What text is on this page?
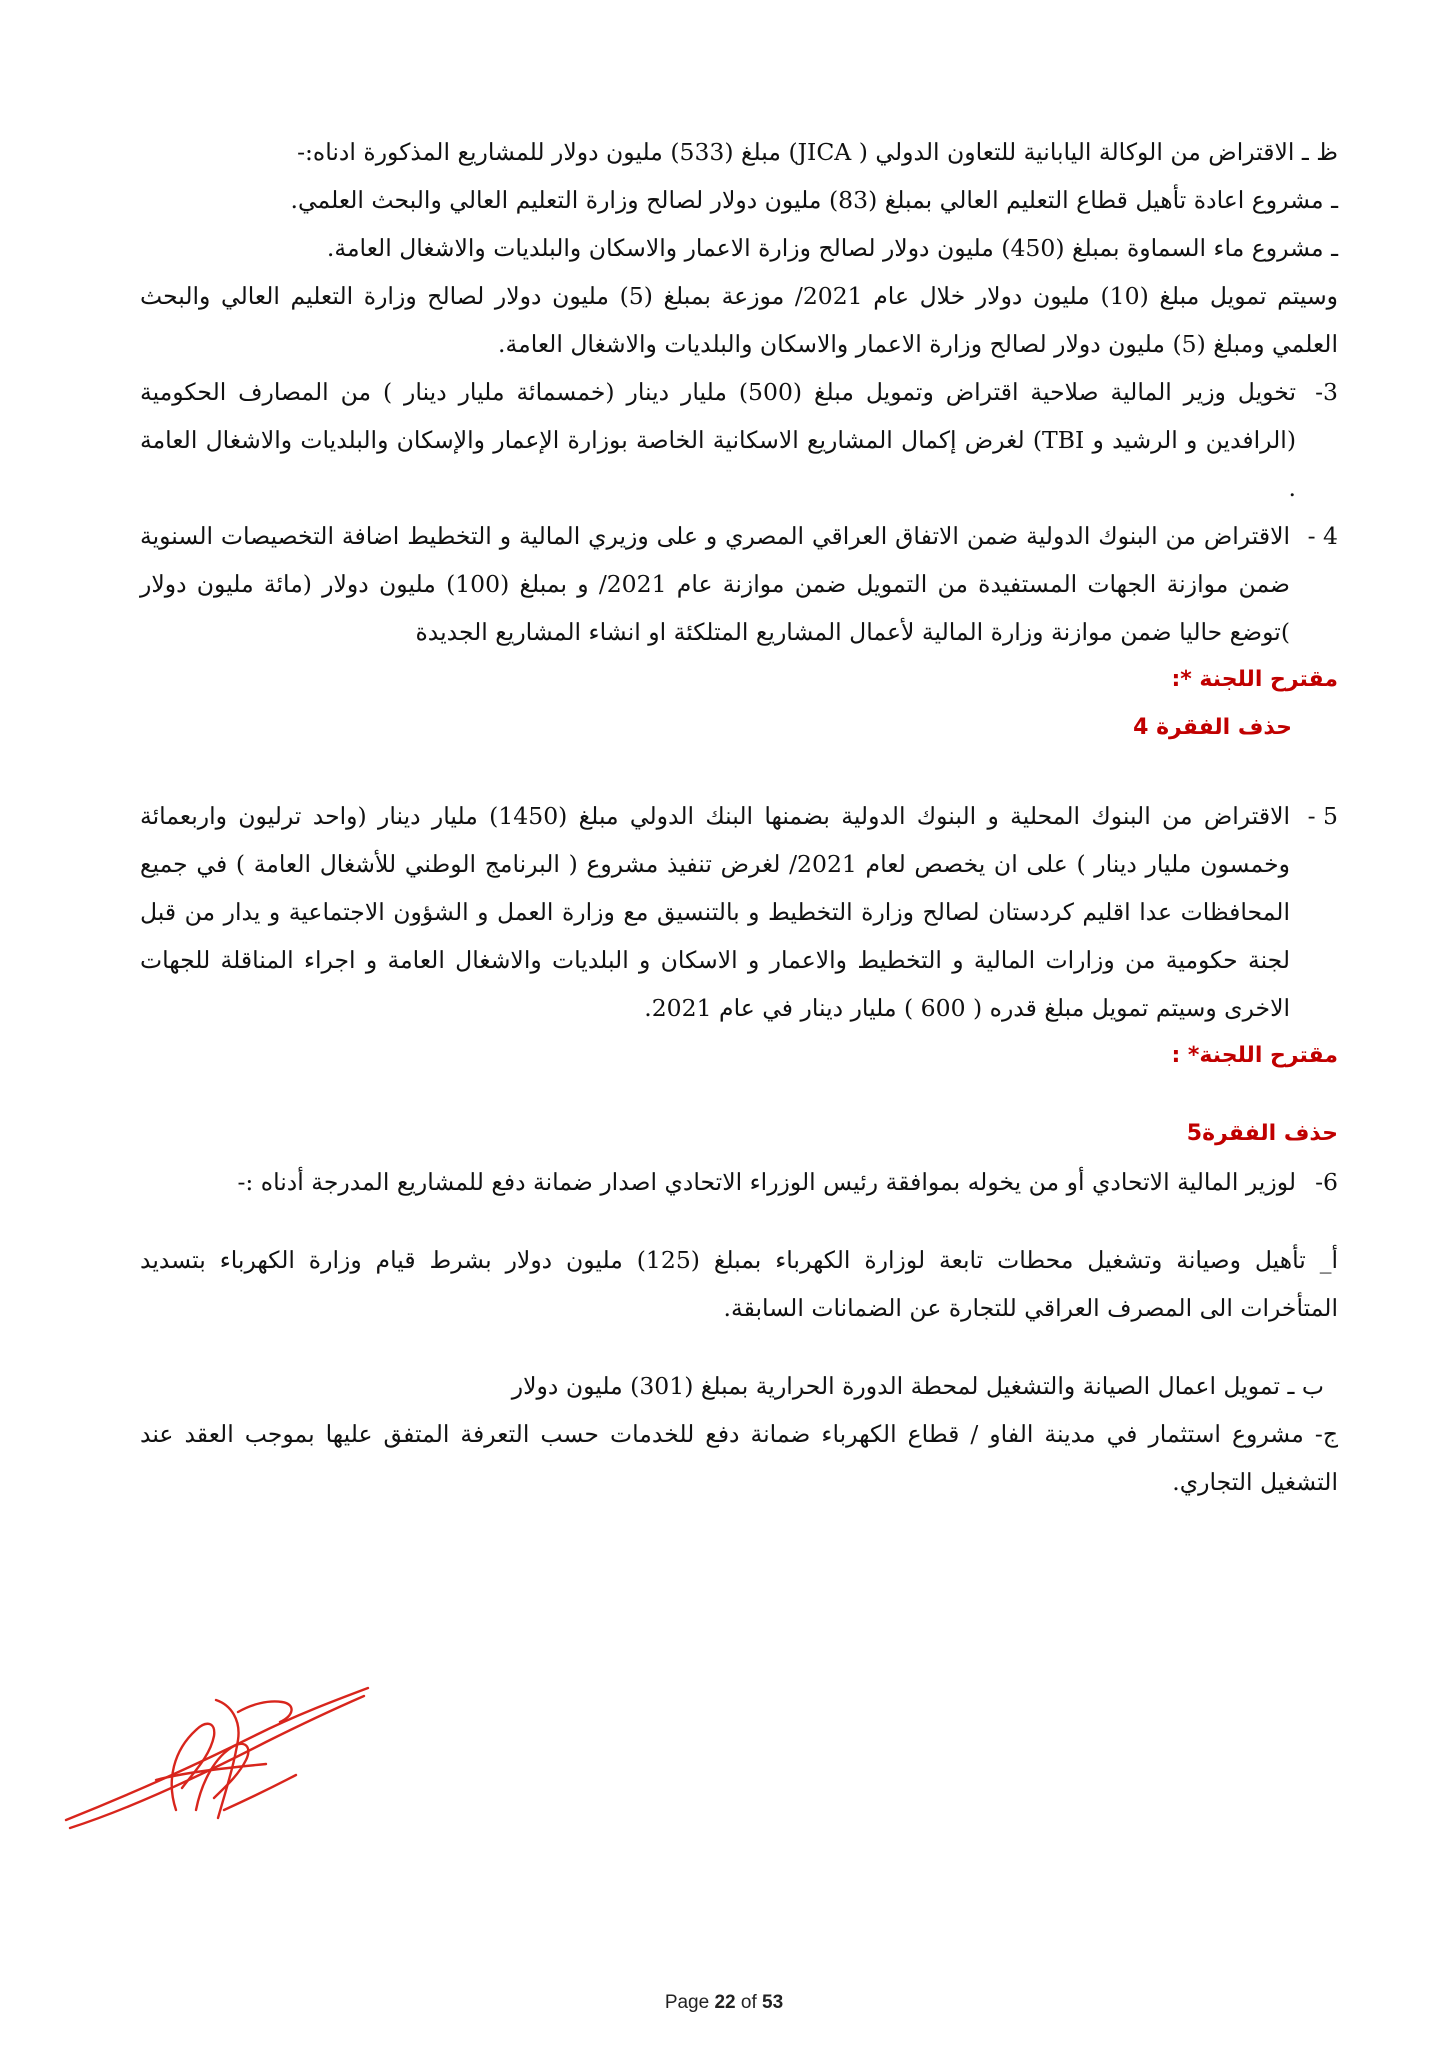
ظ ـ الاقتراض من الوكالة اليابانية للتعاون الدولي ( JICA) مبلغ (533) مليون دولار للمشاريع المذكورة ادناه:-

ـ مشروع اعادة تأهيل قطاع التعليم العالي بمبلغ (83) مليون دولار لصالح وزارة التعليم العالي والبحث العلمي.

ـ مشروع ماء السماوة بمبلغ (450) مليون دولار لصالح وزارة الاعمار والاسكان والبلديات والاشغال العامة.

وسيتم تمويل مبلغ (10) مليون دولار خلال عام 2021/ موزعة بمبلغ (5) مليون دولار لصالح وزارة التعليم العالي والبحث العلمي ومبلغ (5) مليون دولار لصالح وزارة الاعمار والاسكان والبلديات والاشغال العامة.

3-
تخويل وزير المالية صلاحية اقتراض وتمويل مبلغ (500) مليار دينار (خمسمائة مليار دينار ) من المصارف الحكومية (الرافدين و الرشيد و TBI) لغرض إكمال المشاريع الاسكانية الخاصة بوزارة الإعمار والإسكان والبلديات والاشغال العامة .
4 -
الاقتراض من البنوك الدولية ضمن الاتفاق العراقي المصري و على وزيري المالية و التخطيط اضافة التخصيصات السنوية ضمن موازنة الجهات المستفيدة من التمويل ضمن موازنة عام 2021/ و بمبلغ (100) مليون دولار (مائة مليون دولار )توضع حاليا ضمن موازنة وزارة المالية لأعمال المشاريع المتلكئة او انشاء المشاريع الجديدة

مقترح اللجنة *:

حذف الفقرة 4

5 -
الاقتراض من البنوك المحلية و البنوك الدولية بضمنها البنك الدولي مبلغ (1450) مليار دينار (واحد ترليون واربعمائة وخمسون مليار دينار ) على ان يخصص لعام 2021/ لغرض تنفيذ مشروع ( البرنامج الوطني للأشغال العامة ) في جميع المحافظات عدا اقليم كردستان لصالح وزارة التخطيط و بالتنسيق مع وزارة العمل و الشؤون الاجتماعية و يدار من قبل لجنة حكومية من وزارات المالية و التخطيط والاعمار و الاسكان و البلديات والاشغال العامة و اجراء المناقلة للجهات الاخرى وسيتم تمويل مبلغ قدره ( 600 ) مليار دينار في عام 2021.

مقترح اللجنة* :

حذف الفقرة5

6-
لوزير المالية الاتحادي أو من يخوله بموافقة رئيس الوزراء الاتحادي اصدار ضمانة دفع للمشاريع المدرجة أدناه :-

أ_ تأهيل وصيانة وتشغيل محطات تابعة لوزارة الكهرباء بمبلغ (125) مليون دولار بشرط قيام وزارة الكهرباء بتسديد المتأخرات الى المصرف العراقي للتجارة عن الضمانات السابقة.

ب ـ تمويل اعمال الصيانة والتشغيل لمحطة الدورة الحرارية بمبلغ (301) مليون دولار

ج- مشروع استثمار في مدينة الفاو / قطاع الكهرباء ضمانة دفع للخدمات حسب التعرفة المتفق عليها بموجب العقد عند التشغيل التجاري.

Page 22 of 53
